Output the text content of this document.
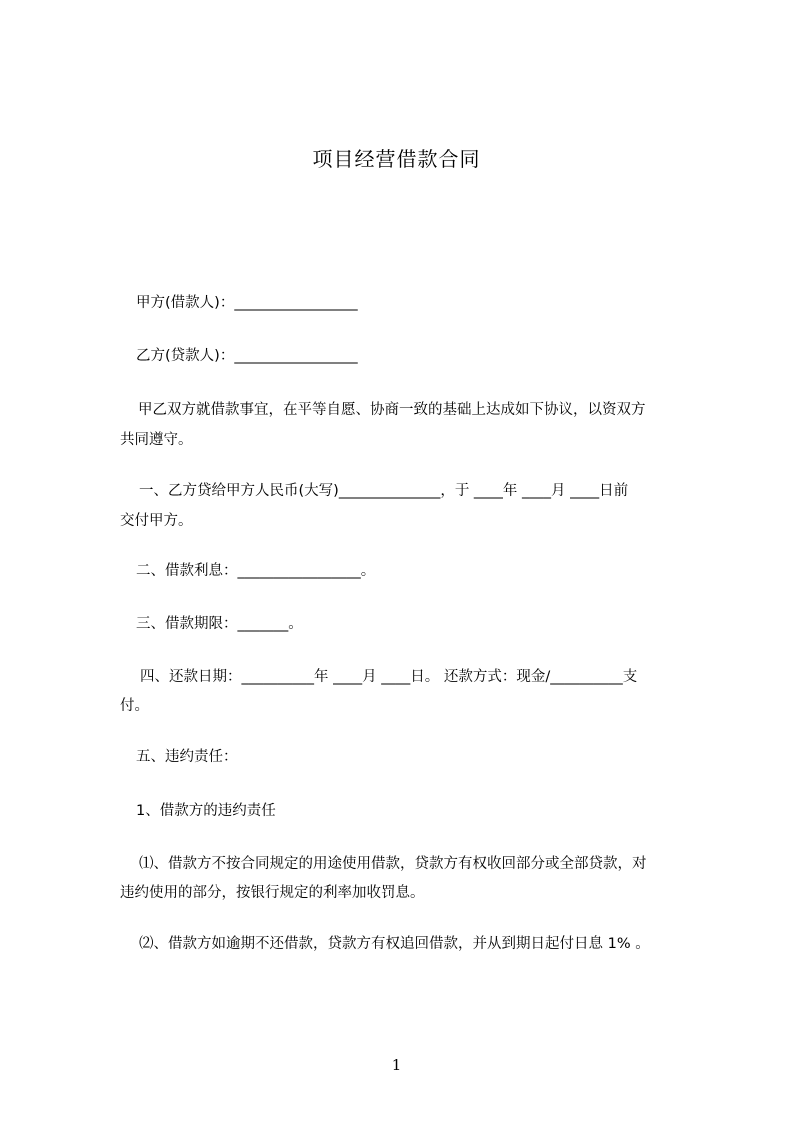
项目经营借款合同
甲方(借款人)：_________________
乙方(贷款人)：_________________
甲乙双方就借款事宜，在平等自愿、协商一致的基础上达成如下协议，以资双方
共同遵守。
一、乙方贷给甲方人民币(大写)______________，于 ____年 ____月 ____日前
交付甲方。
二、借款利息：_________________。
三、借款期限：_______。
四、还款日期：__________年 ____月 ____日。 还款方式：现金/__________支
付。
五、违约责任：
1、借款方的违约责任
⑴、借款方不按合同规定的用途使用借款，贷款方有权收回部分或全部贷款，对
违约使用的部分，按银行规定的利率加收罚息。
⑵、借款方如逾期不还借款，贷款方有权追回借款，并从到期日起付日息 1% 。
1
